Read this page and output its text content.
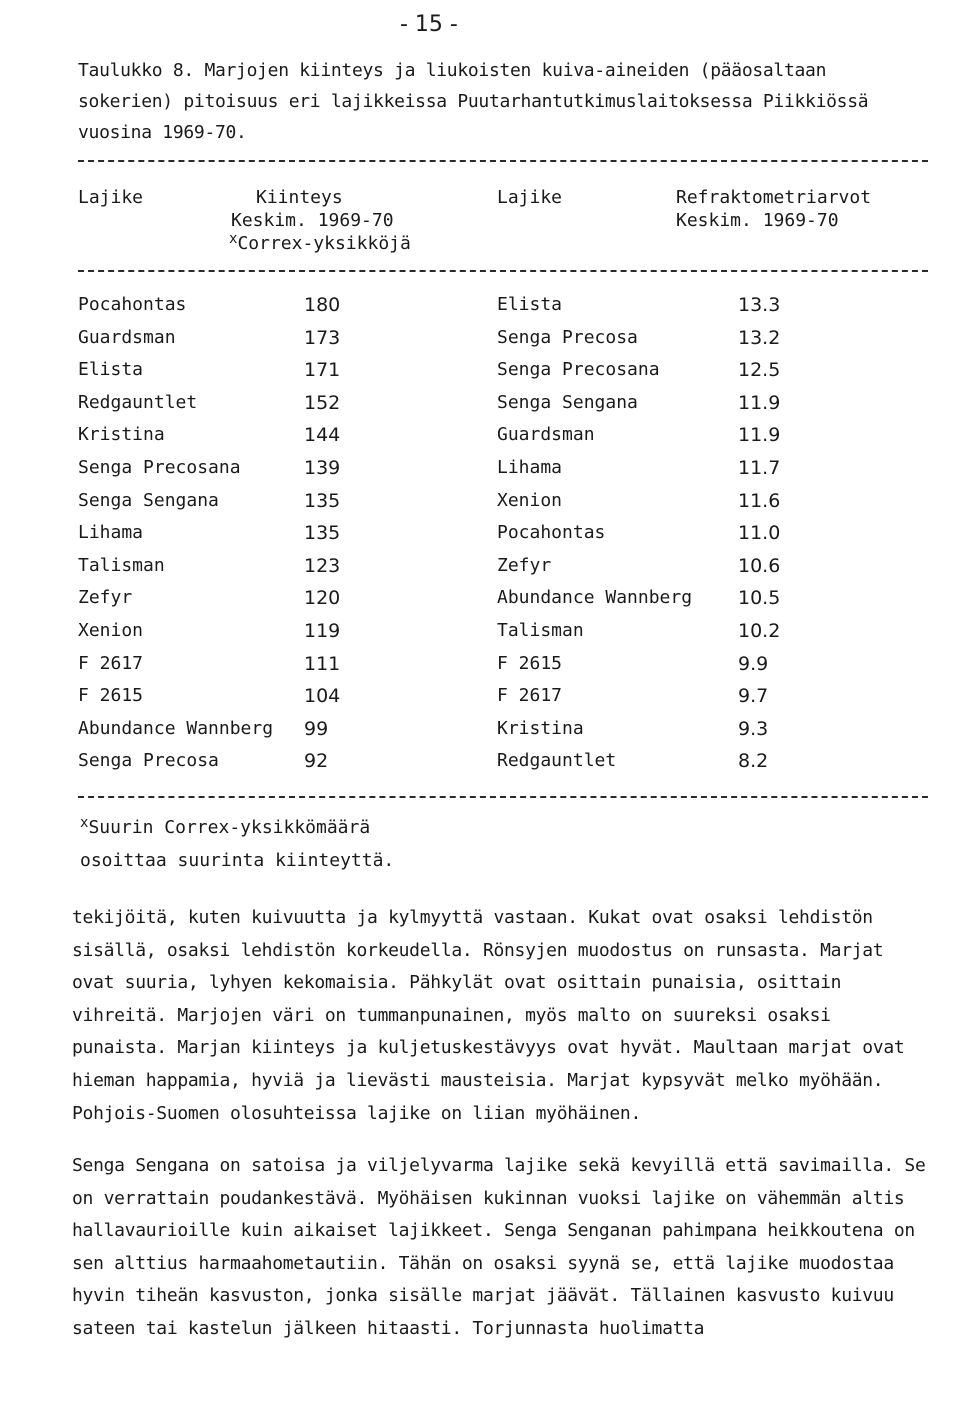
- 15 -
Taulukko 8. Marjojen kiinteys ja liukoisten kuiva-aineiden (pääosaltaan sokerien) pitoisuus eri lajikkeissa Puutarhantutkimuslaitoksessa Piikkiössä vuosina 1969-70.
Lajike	Kiinteys
Keskim. 1969-70
$^x$Correx-yksikköjä
Lajike	Refraktometriarvot
Keskim. 1969-70
Pocahontas	180	Elista	13.3
Guardsman	173	Senga Precosa	13.2
Elista	171	Senga Precosana	12.5
Redgauntlet	152	Senga Sengana	11.9
Kristina	144	Guardsman	11.9
Senga Precosana	139	Lihama	11.7
Senga Sengana	135	Xenion	11.6
Lihama	135	Pocahontas	11.0
Talisman	123	Zefyr	10.6
Zefyr	120	Abundance Wannberg 10.5
Xenion	119	Talisman	10.2
F 2617	111	F 2615	9.9
F 2615	104	F 2617	9.7
Abundance Wannberg 99	Kristina	9.3
Senga Precosa	92	Redgauntlet	8.2
$^x$Suurin Correx-yksikkömäärä
osoittaa suurinta kiinteyttä.
tekijöitä, kuten kuivuutta ja kylmyyttä vastaan. Kukat ovat osaksi lehdistön sisällä, osaksi lehdistön korkeudella. Rönsyjen muodostus on runsasta. Marjat ovat suuria, lyhyen kekomaisia. Pähkylät ovat osittain punaisia, osittain vihreitä. Marjojen väri on tummanpunainen, myös malto on suureksi osaksi punaista. Marjan kiinteys ja kuljetuskestävyys ovat hyvät. Maultaan marjat ovat hieman happamia, hyviä ja lievästi mausteisia. Marjat kypsyvät melko myöhään. Pohjois-Suomen olosuhteissa lajike on liian myöhäinen.
Senga Sengana on satoisa ja viljelyvarma lajike sekä kevyillä että savimailla. Se on verrattain poudankestävä. Myöhäisen kukinnan vuoksi lajike on vähemmän altis hallavaurioille kuin aikaiset lajikkeet. Senga Senganan pahimpana heikkoutena on sen alttius harmaahometautiin. Tähän on osaksi syynä se, että lajike muodostaa hyvin tiheän kasvuston, jonka sisälle marjat jäävät. Tällainen kasvusto kuivuu sateen tai kastelun jälkeen hitaasti. Torjunnasta huolimatta
